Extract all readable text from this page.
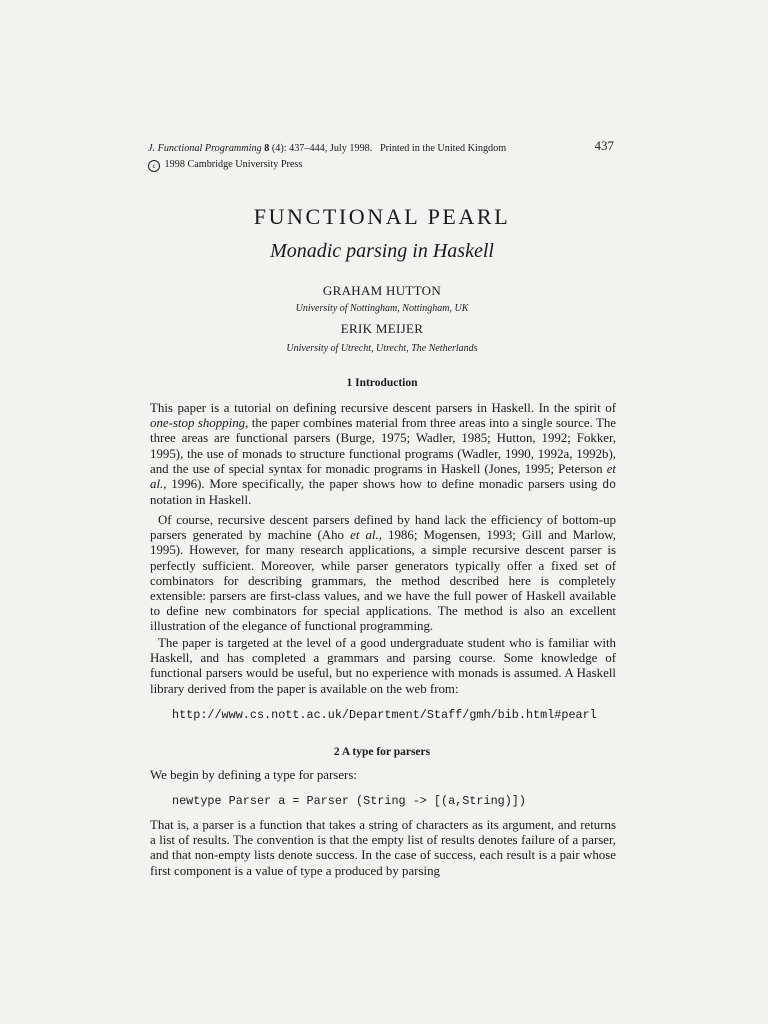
J. Functional Programming 8 (4): 437–444, July 1998. Printed in the United Kingdom
c 1998 Cambridge University Press
437
FUNCTIONAL PEARL
Monadic parsing in Haskell
GRAHAM HUTTON
University of Nottingham, Nottingham, UK
ERIK MEIJER
University of Utrecht, Utrecht, The Netherlands
1 Introduction
This paper is a tutorial on defining recursive descent parsers in Haskell. In the spirit of one-stop shopping, the paper combines material from three areas into a single source. The three areas are functional parsers (Burge, 1975; Wadler, 1985; Hutton, 1992; Fokker, 1995), the use of monads to structure functional programs (Wadler, 1990, 1992a, 1992b), and the use of special syntax for monadic programs in Haskell (Jones, 1995; Peterson et al., 1996). More specifically, the paper shows how to define monadic parsers using do notation in Haskell.
Of course, recursive descent parsers defined by hand lack the efficiency of bottom-up parsers generated by machine (Aho et al., 1986; Mogensen, 1993; Gill and Marlow, 1995). However, for many research applications, a simple recursive descent parser is perfectly sufficient. Moreover, while parser generators typically offer a fixed set of combinators for describing grammars, the method described here is completely extensible: parsers are first-class values, and we have the full power of Haskell available to define new combinators for special applications. The method is also an excellent illustration of the elegance of functional programming.
The paper is targeted at the level of a good undergraduate student who is familiar with Haskell, and has completed a grammars and parsing course. Some knowledge of functional parsers would be useful, but no experience with monads is assumed. A Haskell library derived from the paper is available on the web from:
http://www.cs.nott.ac.uk/Department/Staff/gmh/bib.html#pearl
2 A type for parsers
We begin by defining a type for parsers:
newtype Parser a = Parser (String -> [(a,String)])
That is, a parser is a function that takes a string of characters as its argument, and returns a list of results. The convention is that the empty list of results denotes failure of a parser, and that non-empty lists denote success. In the case of success, each result is a pair whose first component is a value of type a produced by parsing
